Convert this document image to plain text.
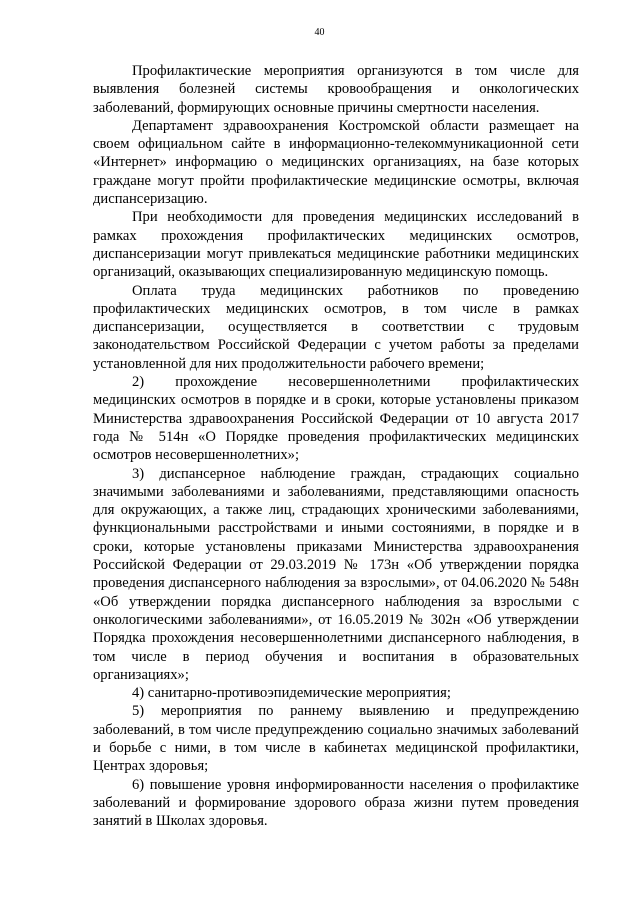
40

Профилактические мероприятия организуются в том числе для выявления болезней системы кровообращения и онкологических заболеваний, формирующих основные причины смертности населения.

Департамент здравоохранения Костромской области размещает на своем официальном сайте в информационно-телекоммуникационной сети «Интернет» информацию о медицинских организациях, на базе которых граждане могут пройти профилактические медицинские осмотры, включая диспансеризацию.

При необходимости для проведения медицинских исследований в рамках прохождения профилактических медицинских осмотров, диспансеризации могут привлекаться медицинские работники медицинских организаций, оказывающих специализированную медицинскую помощь.

Оплата труда медицинских работников по проведению профилактических медицинских осмотров, в том числе в рамках диспансеризации, осуществляется в соответствии с трудовым законодательством Российской Федерации с учетом работы за пределами установленной для них продолжительности рабочего времени;

2) прохождение несовершеннолетними профилактических медицинских осмотров в порядке и в сроки, которые установлены приказом Министерства здравоохранения Российской Федерации от 10 августа 2017 года № 514н «О Порядке проведения профилактических медицинских осмотров несовершеннолетних»;

3) диспансерное наблюдение граждан, страдающих социально значимыми заболеваниями и заболеваниями, представляющими опасность для окружающих, а также лиц, страдающих хроническими заболеваниями, функциональными расстройствами и иными состояниями, в порядке и в сроки, которые установлены приказами Министерства здравоохранения Российской Федерации от 29.03.2019 № 173н «Об утверждении порядка проведения диспансерного наблюдения за взрослыми», от 04.06.2020 № 548н «Об утверждении порядка диспансерного наблюдения за взрослыми с онкологическими заболеваниями», от 16.05.2019 № 302н «Об утверждении Порядка прохождения несовершеннолетними диспансерного наблюдения, в том числе в период обучения и воспитания в образовательных организациях»;

4) санитарно-противоэпидемические мероприятия;

5) мероприятия по раннему выявлению и предупреждению заболеваний, в том числе предупреждению социально значимых заболеваний и борьбе с ними, в том числе в кабинетах медицинской профилактики, Центрах здоровья;

6) повышение уровня информированности населения о профилактике заболеваний и формирование здорового образа жизни путем проведения занятий в Школах здоровья.
